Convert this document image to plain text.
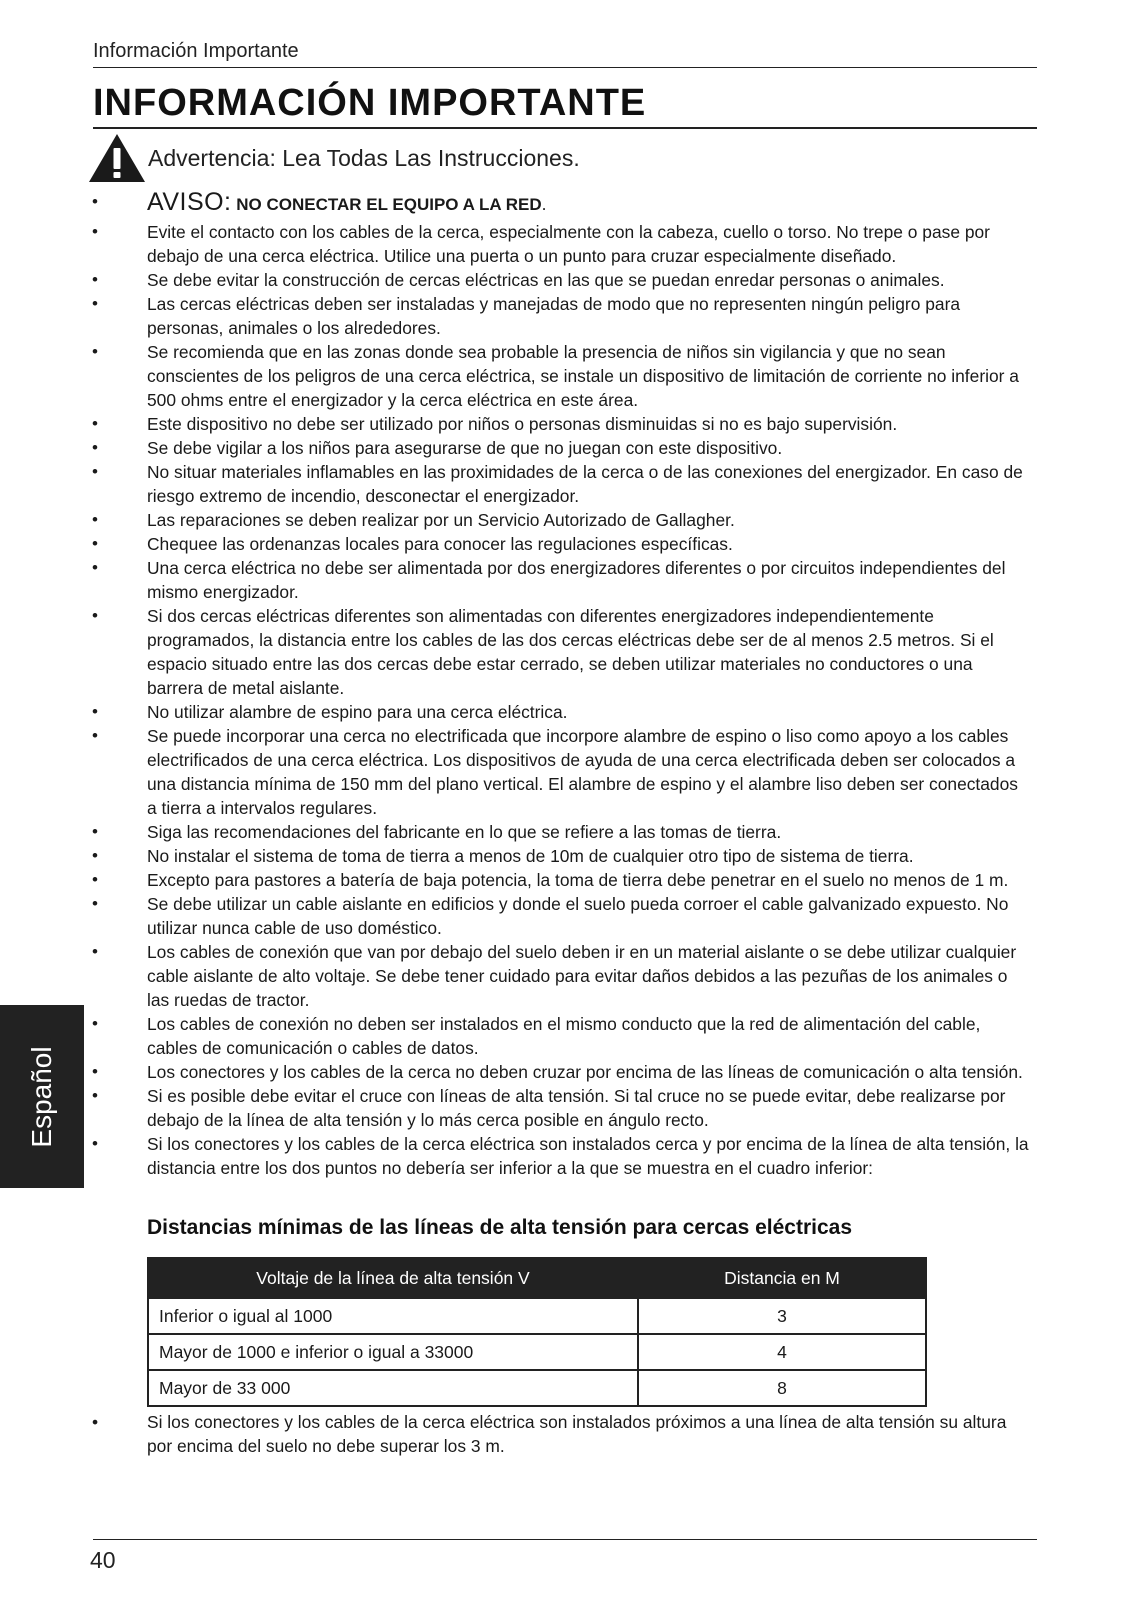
Información Importante
INFORMACIÓN IMPORTANTE
Advertencia: Lea Todas Las Instrucciones.
• AVISO: NO CONECTAR EL EQUIPO A LA RED.
•	Evite el contacto con los cables de la cerca, especialmente con la cabeza, cuello o torso. No trepe o pase por debajo de una cerca eléctrica. Utilice una puerta o un punto para cruzar especialmente diseñado.
•	Se debe evitar la construcción de cercas eléctricas en las que se puedan enredar personas o animales.
•	Las cercas eléctricas deben ser instaladas y manejadas de modo que no representen ningún peligro para personas, animales o los alrededores.
•	Se recomienda que en las zonas donde sea probable la presencia de niños sin vigilancia y que no sean conscientes de los peligros de una cerca eléctrica, se instale un dispositivo de limitación de corriente no inferior a 500 ohms entre el energizador y la cerca eléctrica en este área.
•	Este dispositivo no debe ser utilizado por niños o personas disminuidas si no es bajo supervisión.
•	Se debe vigilar a los niños para asegurarse de que no juegan con este dispositivo.
•	No situar materiales inflamables en las proximidades de la cerca o de las conexiones del energizador. En caso de riesgo extremo de incendio, desconectar el energizador.
•	Las reparaciones se deben realizar por un Servicio Autorizado de Gallagher.
•	Chequee las ordenanzas locales para conocer las regulaciones específicas.
•	Una cerca eléctrica no debe ser alimentada por dos energizadores diferentes o por circuitos independientes del mismo energizador.
•	Si dos cercas eléctricas diferentes son alimentadas con diferentes energizadores independientemente programados, la distancia entre los cables de las dos cercas eléctricas debe ser de al menos 2.5 metros. Si el espacio situado entre las dos cercas debe estar cerrado, se deben utilizar materiales no conductores o una barrera de metal aislante.
•	No utilizar alambre de espino para una cerca eléctrica.
•	Se puede incorporar una cerca no electrificada que incorpore alambre de espino o liso como apoyo a los cables electrificados de una cerca eléctrica. Los dispositivos de ayuda de una cerca electrificada deben ser colocados a una distancia mínima de 150 mm del plano vertical. El alambre de espino y el alambre liso deben ser conectados a tierra a intervalos regulares.
•	Siga las recomendaciones del fabricante en lo que se refiere a las tomas de tierra.
•	No instalar el sistema de toma de tierra a menos de 10m de cualquier otro tipo de sistema de tierra.
•	Excepto para pastores a batería de baja potencia, la toma de tierra debe penetrar en el suelo no menos de 1 m.
•	Se debe utilizar un cable aislante en edificios y donde el suelo pueda corroer el cable galvanizado expuesto. No utilizar nunca cable de uso doméstico.
•	Los cables de conexión que van por debajo del suelo deben ir en un material aislante o se debe utilizar cualquier cable aislante de alto voltaje. Se debe tener cuidado para evitar daños debidos a las pezuñas de los animales o las ruedas de tractor.
•	Los cables de conexión no deben ser instalados en el mismo conducto que la red de alimentación del cable, cables de comunicación o cables de datos.
•	Los conectores y los cables de la cerca no deben cruzar por encima de las líneas de comunicación o alta tensión.
•	Si es posible debe evitar el cruce con líneas de alta tensión. Si tal cruce no se puede evitar, debe realizarse por debajo de la línea de alta tensión y lo más cerca posible en ángulo recto.
•	Si los conectores y los cables de la cerca eléctrica son instalados cerca y por encima de la línea de alta tensión, la distancia entre los dos puntos no debería ser inferior a la que se muestra en el cuadro inferior:
Distancias mínimas de las líneas de alta tensión para cercas eléctricas
Voltaje de la línea de alta tensión V	Distancia en M
Inferior o igual al 1000	3
Mayor de 1000 e inferior o igual a 33000	4
Mayor de 33 000	8
•	Si los conectores y los cables de la cerca eléctrica son instalados próximos a una línea de alta tensión su altura por encima del suelo no debe superar los 3 m.
40
Español
